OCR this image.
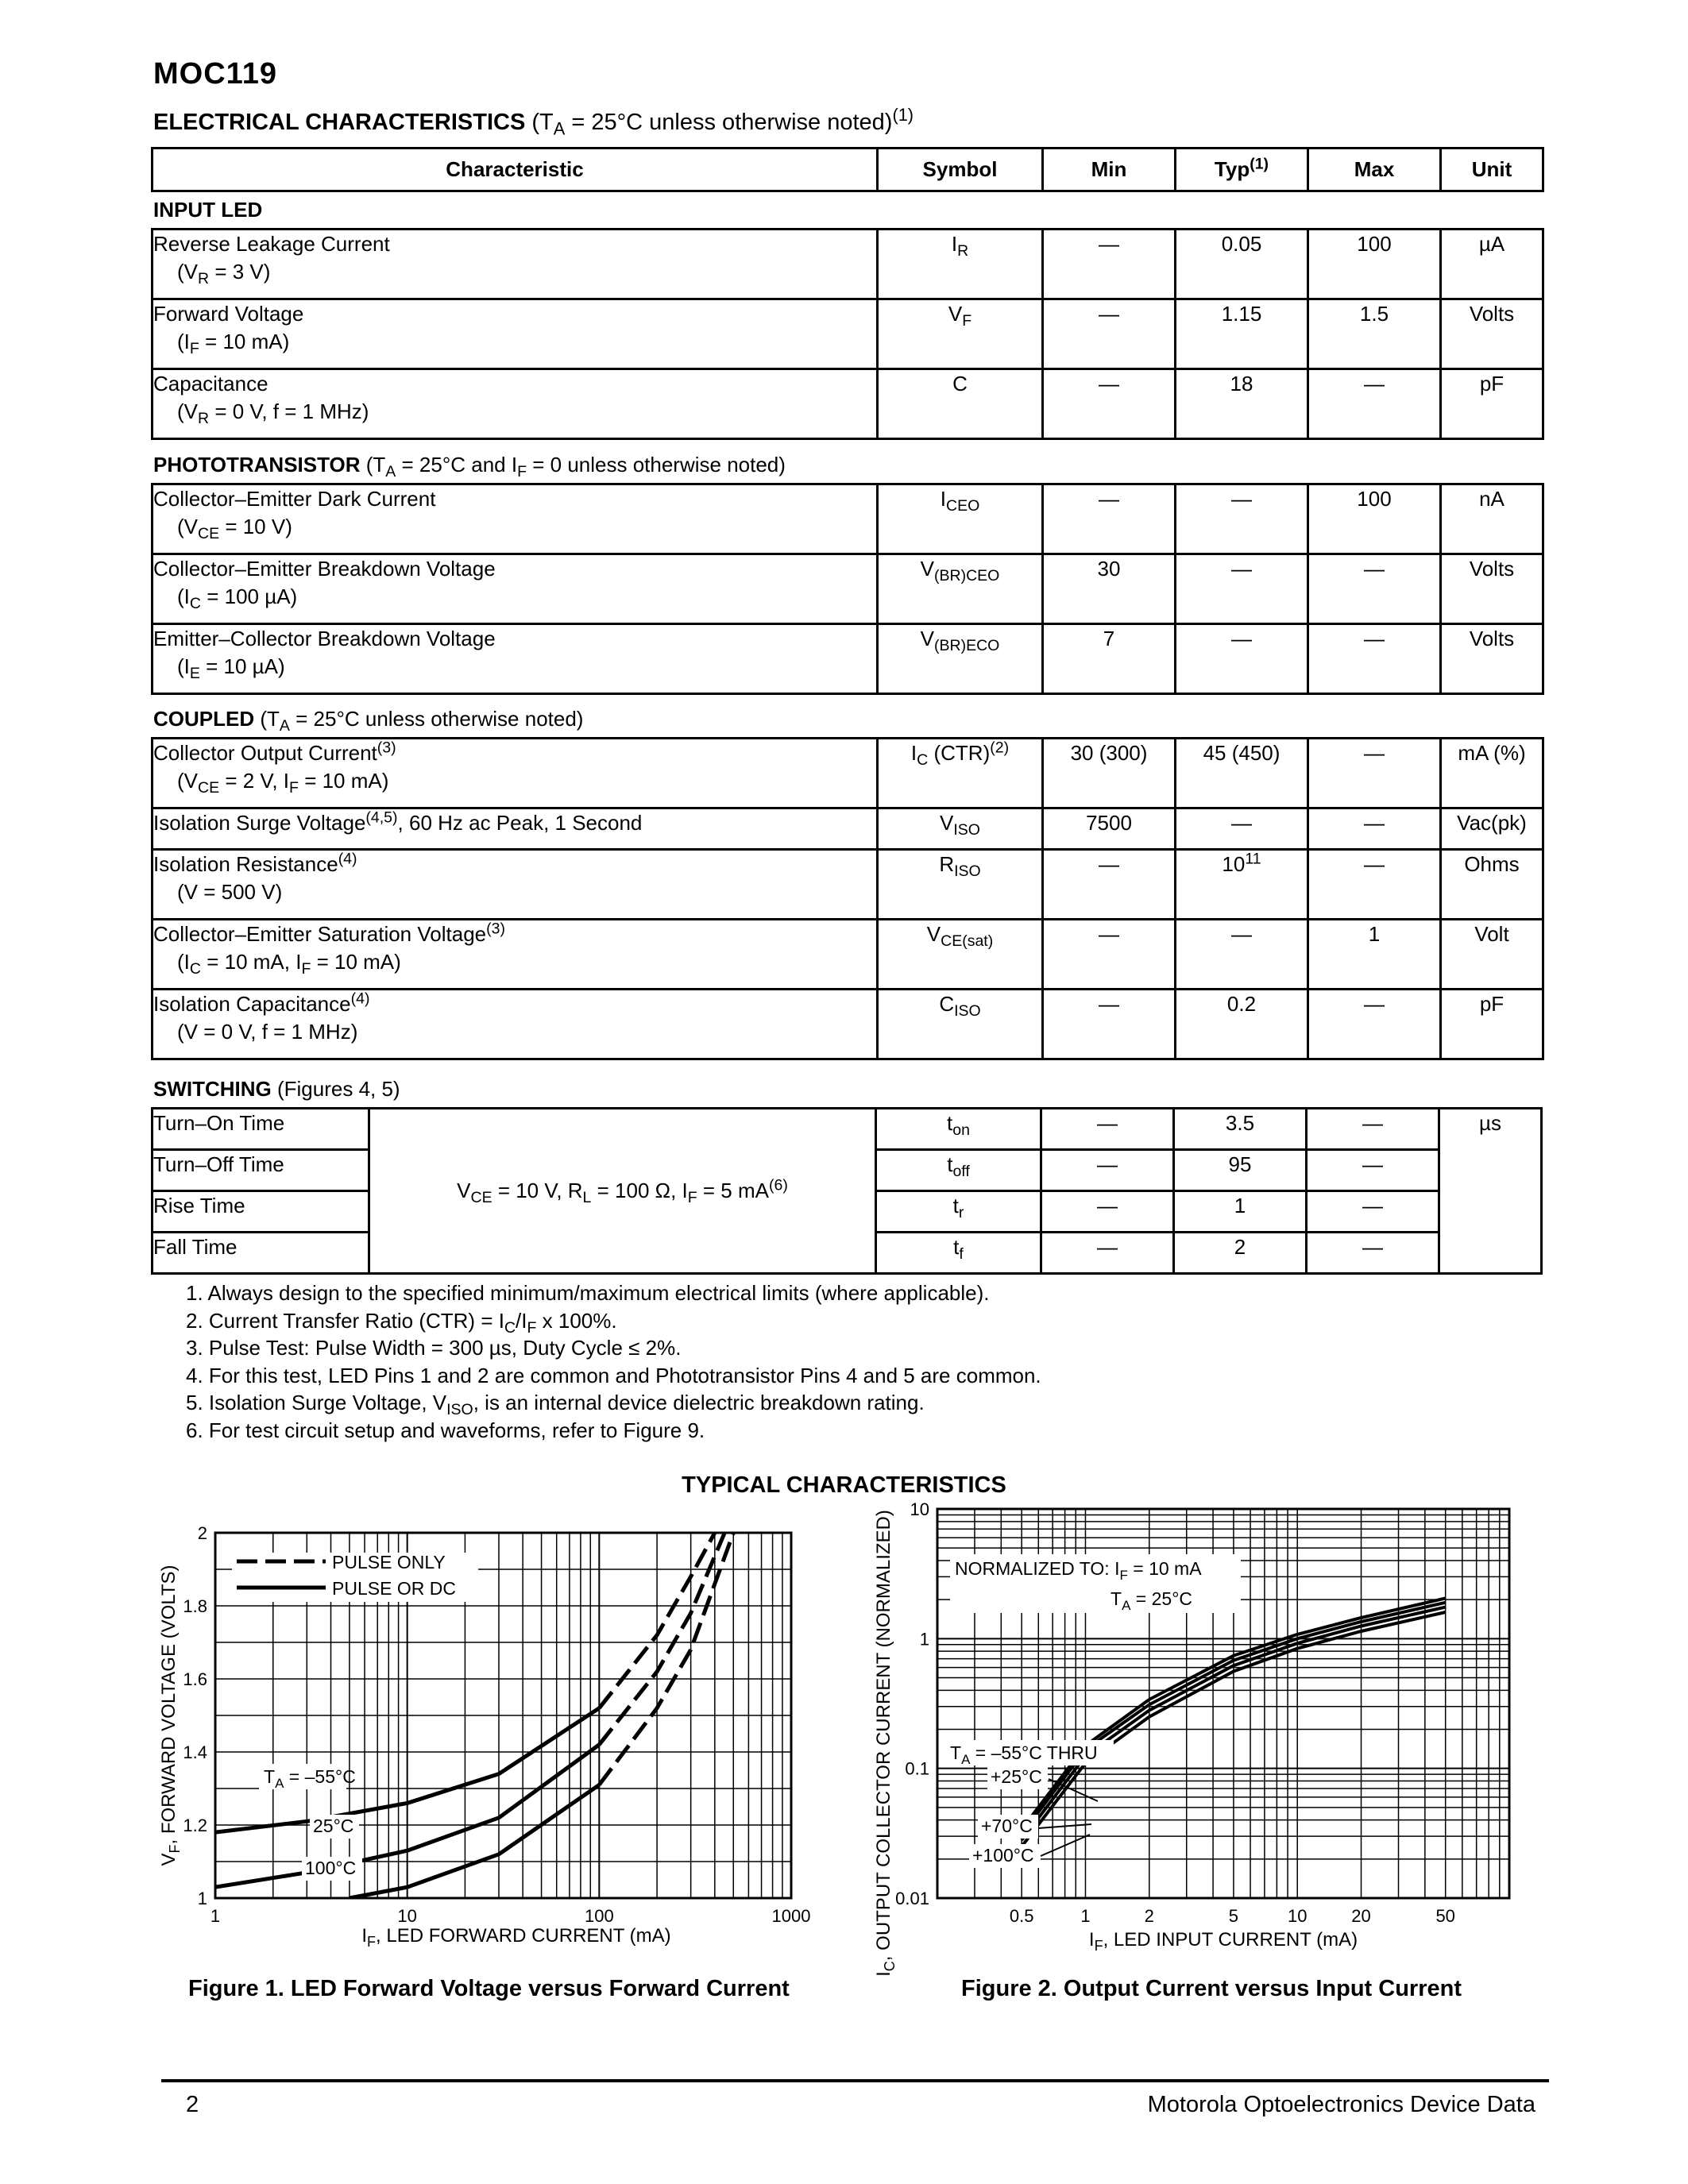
MOC119
ELECTRICAL CHARACTERISTICS ($T_A = 25^\circ C$ unless otherwise noted)$^{(1)}$
Characteristic	Symbol	Min	Typ$^{(1)}$	Max	Unit
INPUT LED
Reverse Leakage Current
($V_R = 3$ V)	$I_R$	—	0.05	100	µA
Forward Voltage
($I_F = 10$ mA)	$V_F$	—	1.15	1.5	Volts
Capacitance
($V_R = 0$ V, f = 1 MHz)	C	—	18	—	pF
PHOTOTRANSISTOR ($T_A = 25^\circ C$ and $I_F = 0$ unless otherwise noted)
Collector–Emitter Dark Current
($V_{CE} = 10$ V)	$I_{CEO}$	—	—	100	nA
Collector–Emitter Breakdown Voltage
($I_C = 100$ µA)	$V_{(BR)CEO}$	30	—	—	Volts
Emitter–Collector Breakdown Voltage
($I_E = 10$ µA)	$V_{(BR)ECO}$	7	—	—	Volts
COUPLED ($T_A = 25^\circ C$ unless otherwise noted)
Collector Output Current$^{(3)}$
($V_{CE} = 2$ V, $I_F = 10$ mA)	$I_C$ (CTR)$^{(2)}$	30 (300)	45 (450)	—	mA (%)
Isolation Surge Voltage$^{(4,5)}$, 60 Hz ac Peak, 1 Second	$V_{ISO}$	7500	—	—	Vac(pk)
Isolation Resistance$^{(4)}$
(V = 500 V)	$R_{ISO}$	—	$10^{11}$	—	Ohms
Collector–Emitter Saturation Voltage$^{(3)}$
($I_C = 10$ mA, $I_F = 10$ mA)	$V_{CE(sat)}$	—	—	1	Volt
Isolation Capacitance$^{(4)}$
(V = 0 V, f = 1 MHz)	$C_{ISO}$	—	0.2	—	pF
SWITCHING (Figures 4, 5)
Turn–On Time	$V_{CE} = 10$ V, $R_L = 100$ Ω, $I_F = 5$ $mA^{(6)}$	$t_{on}$	—	3.5	—	µs
Turn–Off Time		$t_{off}$	—	95	—	
Rise Time		$t_r$	—	1	—	
Fall Time		$t_f$	—	2	—	
1. Always design to the specified minimum/maximum electrical limits (where applicable).
2. Current Transfer Ratio $(CTR) = I_C/I_F$ x 100%.
3. Pulse Test: Pulse Width = 300 µs, Duty Cycle ≤ 2%.
4. For this test, LED Pins 1 and 2 are common and Phototransistor Pins 4 and 5 are common.
5. Isolation Surge Voltage, $V_{ISO}$, is an internal device dielectric breakdown rating.
6. For test circuit setup and waveforms, refer to Figure 9.
TYPICAL CHARACTERISTICS
1	10	100	1000
1
1.2
1.4
1.6
1.8
2
PULSE ONLY
PULSE OR DC
$T_A = -55^\circ C$
25°C
100°C
$I_F$, LED FORWARD CURRENT (mA)
$V_F$, FORWARD VOLTAGE (VOLTS)
0.5	1	2	5	10	20	50
0.01
0.1
1
10
NORMALIZED TO: $I_F = 10$ mA
$T_A = 25^\circ C$
$T_A = -55^\circ C$ THRU
+25°C
+70°C
+100°C
$I_F$, LED INPUT CURRENT (mA)
$I_C$, OUTPUT COLLECTOR CURRENT (NORMALIZED)
Figure 1. LED Forward Voltage versus Forward Current	Figure 2. Output Current versus Input Current
2	Motorola Optoelectronics Device Data
